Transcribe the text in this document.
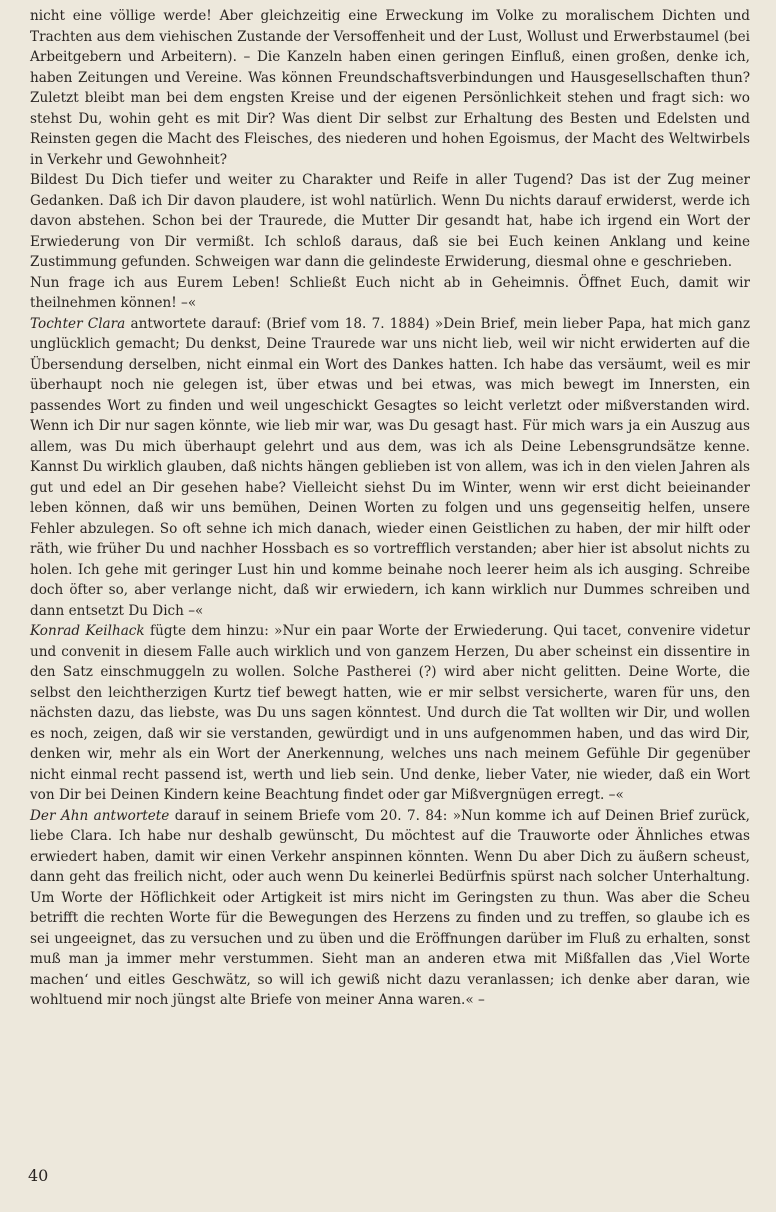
nicht eine völlige werde! Aber gleichzeitig eine Erweckung im Volke zu moralischem Dichten und Trachten aus dem viehischen Zustande der Versoffenheit und der Lust, Wollust und Erwerbstaumel (bei Arbeitgebern und Arbeitern). – Die Kanzeln haben einen geringen Einfluß, einen großen, denke ich, haben Zeitungen und Vereine. Was können Freundschaftsverbindungen und Hausgesellschaften thun? Zuletzt bleibt man bei dem engsten Kreise und der eigenen Persönlichkeit stehen und fragt sich: wo stehst Du, wohin geht es mit Dir? Was dient Dir selbst zur Erhaltung des Besten und Edelsten und Reinsten gegen die Macht des Fleisches, des niederen und hohen Egoismus, der Macht des Weltwirbels in Verkehr und Gewohnheit?

Bildest Du Dich tiefer und weiter zu Charakter und Reife in aller Tugend? Das ist der Zug meiner Gedanken. Daß ich Dir davon plaudere, ist wohl natürlich. Wenn Du nichts darauf erwiderst, werde ich davon abstehen. Schon bei der Traurede, die Mutter Dir gesandt hat, habe ich irgend ein Wort der Erwiederung von Dir vermißt. Ich schloß daraus, daß sie bei Euch keinen Anklang und keine Zustimmung gefunden. Schweigen war dann die gelindeste Erwiderung, diesmal ohne e geschrieben.

Nun frage ich aus Eurem Leben! Schließt Euch nicht ab in Geheimnis. Öffnet Euch, damit wir theilnehmen können! –«

Tochter Clara antwortete darauf: (Brief vom 18. 7. 1884) »Dein Brief, mein lieber Papa, hat mich ganz unglücklich gemacht; Du denkst, Deine Traurede war uns nicht lieb, weil wir nicht erwiderten auf die Übersendung derselben, nicht einmal ein Wort des Dankes hatten. Ich habe das versäumt, weil es mir überhaupt noch nie gelegen ist, über etwas und bei etwas, was mich bewegt im Innersten, ein passendes Wort zu finden und weil ungeschickt Gesagtes so leicht verletzt oder mißverstanden wird. Wenn ich Dir nur sagen könnte, wie lieb mir war, was Du gesagt hast. Für mich wars ja ein Auszug aus allem, was Du mich überhaupt gelehrt und aus dem, was ich als Deine Lebensgrundsätze kenne. Kannst Du wirklich glauben, daß nichts hängen geblieben ist von allem, was ich in den vielen Jahren als gut und edel an Dir gesehen habe? Vielleicht siehst Du im Winter, wenn wir erst dicht beieinander leben können, daß wir uns bemühen, Deinen Worten zu folgen und uns gegenseitig helfen, unsere Fehler abzulegen. So oft sehne ich mich danach, wieder einen Geistlichen zu haben, der mir hilft oder räth, wie früher Du und nachher Hossbach es so vortrefflich verstanden; aber hier ist absolut nichts zu holen. Ich gehe mit geringer Lust hin und komme beinahe noch leerer heim als ich ausging. Schreibe doch öfter so, aber verlange nicht, daß wir erwiedern, ich kann wirklich nur Dummes schreiben und dann entsetzt Du Dich –«

Konrad Keilhack fügte dem hinzu: »Nur ein paar Worte der Erwiederung. Qui tacet, convenire videtur und convenit in diesem Falle auch wirklich und von ganzem Herzen, Du aber scheinst ein dissentire in den Satz einschmuggeln zu wollen. Solche Pastherei (?) wird aber nicht gelitten. Deine Worte, die selbst den leichtherzigen Kurtz tief bewegt hatten, wie er mir selbst versicherte, waren für uns, den nächsten dazu, das liebste, was Du uns sagen könntest. Und durch die Tat wollten wir Dir, und wollen es noch, zeigen, daß wir sie verstanden, gewürdigt und in uns aufgenommen haben, und das wird Dir, denken wir, mehr als ein Wort der Anerkennung, welches uns nach meinem Gefühle Dir gegenüber nicht einmal recht passend ist, werth und lieb sein. Und denke, lieber Vater, nie wieder, daß ein Wort von Dir bei Deinen Kindern keine Beachtung findet oder gar Mißvergnügen erregt. –«

Der Ahn antwortete darauf in seinem Briefe vom 20. 7. 84: »Nun komme ich auf Deinen Brief zurück, liebe Clara. Ich habe nur deshalb gewünscht, Du möchtest auf die Trauworte oder Ähnliches etwas erwiedert haben, damit wir einen Verkehr anspinnen könnten. Wenn Du aber Dich zu äußern scheust, dann geht das freilich nicht, oder auch wenn Du keinerlei Bedürfnis spürst nach solcher Unterhaltung. Um Worte der Höflichkeit oder Artigkeit ist mirs nicht im Geringsten zu thun. Was aber die Scheu betrifft die rechten Worte für die Bewegungen des Herzens zu finden und zu treffen, so glaube ich es sei ungeeignet, das zu versuchen und zu üben und die Eröffnungen darüber im Fluß zu erhalten, sonst muß man ja immer mehr verstummen. Sieht man an anderen etwa mit Mißfallen das ‚Viel Worte machen‘ und eitles Geschwätz, so will ich gewiß nicht dazu veranlassen; ich denke aber daran, wie wohltuend mir noch jüngst alte Briefe von meiner Anna waren.« –

40
